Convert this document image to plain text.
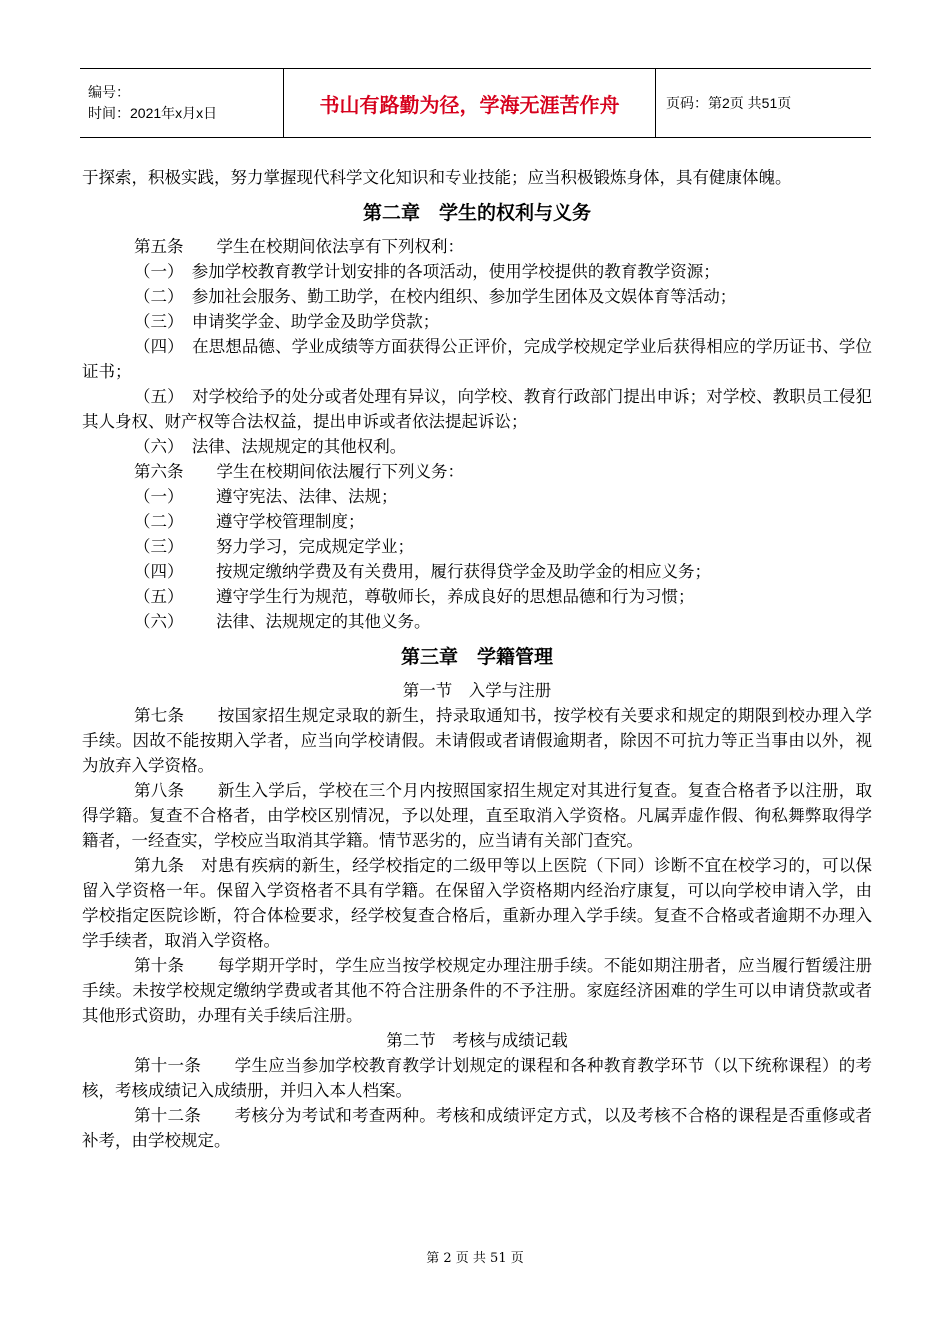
编号：
时间：2021年x月x日	书山有路勤为径，学海无涯苦作舟	页码：第2页 共51页

于探索，积极实践，努力掌握现代科学文化知识和专业技能；应当积极锻炼身体，具有健康体魄。

第二章　学生的权利与义务

第五条　　学生在校期间依法享有下列权利：

（一）　参加学校教育教学计划安排的各项活动，使用学校提供的教育教学资源；

（二）　参加社会服务、勤工助学，在校内组织、参加学生团体及文娱体育等活动；

（三）　申请奖学金、助学金及助学贷款；

（四）　在思想品德、学业成绩等方面获得公正评价，完成学校规定学业后获得相应的学历证书、学位证书；

（五）　对学校给予的处分或者处理有异议，向学校、教育行政部门提出申诉；对学校、教职员工侵犯其人身权、财产权等合法权益，提出申诉或者依法提起诉讼；

（六）　法律、法规规定的其他权利。

第六条　　学生在校期间依法履行下列义务：

（一） 遵守宪法、法律、法规；

（二） 遵守学校管理制度；

（三） 努力学习，完成规定学业；

（四） 按规定缴纳学费及有关费用，履行获得贷学金及助学金的相应义务；

（五） 遵守学生行为规范，尊敬师长，养成良好的思想品德和行为习惯；

（六） 法律、法规规定的其他义务。

第三章　学籍管理

第一节　入学与注册

第七条　　按国家招生规定录取的新生，持录取通知书，按学校有关要求和规定的期限到校办理入学手续。因故不能按期入学者，应当向学校请假。未请假或者请假逾期者，除因不可抗力等正当事由以外，视为放弃入学资格。

第八条　　新生入学后，学校在三个月内按照国家招生规定对其进行复查。复查合格者予以注册，取得学籍。复查不合格者，由学校区别情况，予以处理，直至取消入学资格。凡属弄虚作假、徇私舞弊取得学籍者，一经查实，学校应当取消其学籍。情节恶劣的，应当请有关部门查究。

第九条　对患有疾病的新生，经学校指定的二级甲等以上医院（下同）诊断不宜在校学习的，可以保留入学资格一年。保留入学资格者不具有学籍。在保留入学资格期内经治疗康复，可以向学校申请入学，由学校指定医院诊断，符合体检要求，经学校复查合格后，重新办理入学手续。复查不合格或者逾期不办理入学手续者，取消入学资格。

第十条　　每学期开学时，学生应当按学校规定办理注册手续。不能如期注册者，应当履行暂缓注册手续。未按学校规定缴纳学费或者其他不符合注册条件的不予注册。家庭经济困难的学生可以申请贷款或者其他形式资助，办理有关手续后注册。

第二节　考核与成绩记载

第十一条　　学生应当参加学校教育教学计划规定的课程和各种教育教学环节（以下统称课程）的考核，考核成绩记入成绩册，并归入本人档案。

第十二条　　考核分为考试和考查两种。考核和成绩评定方式，以及考核不合格的课程是否重修或者补考，由学校规定。

第 2 页 共 51 页
